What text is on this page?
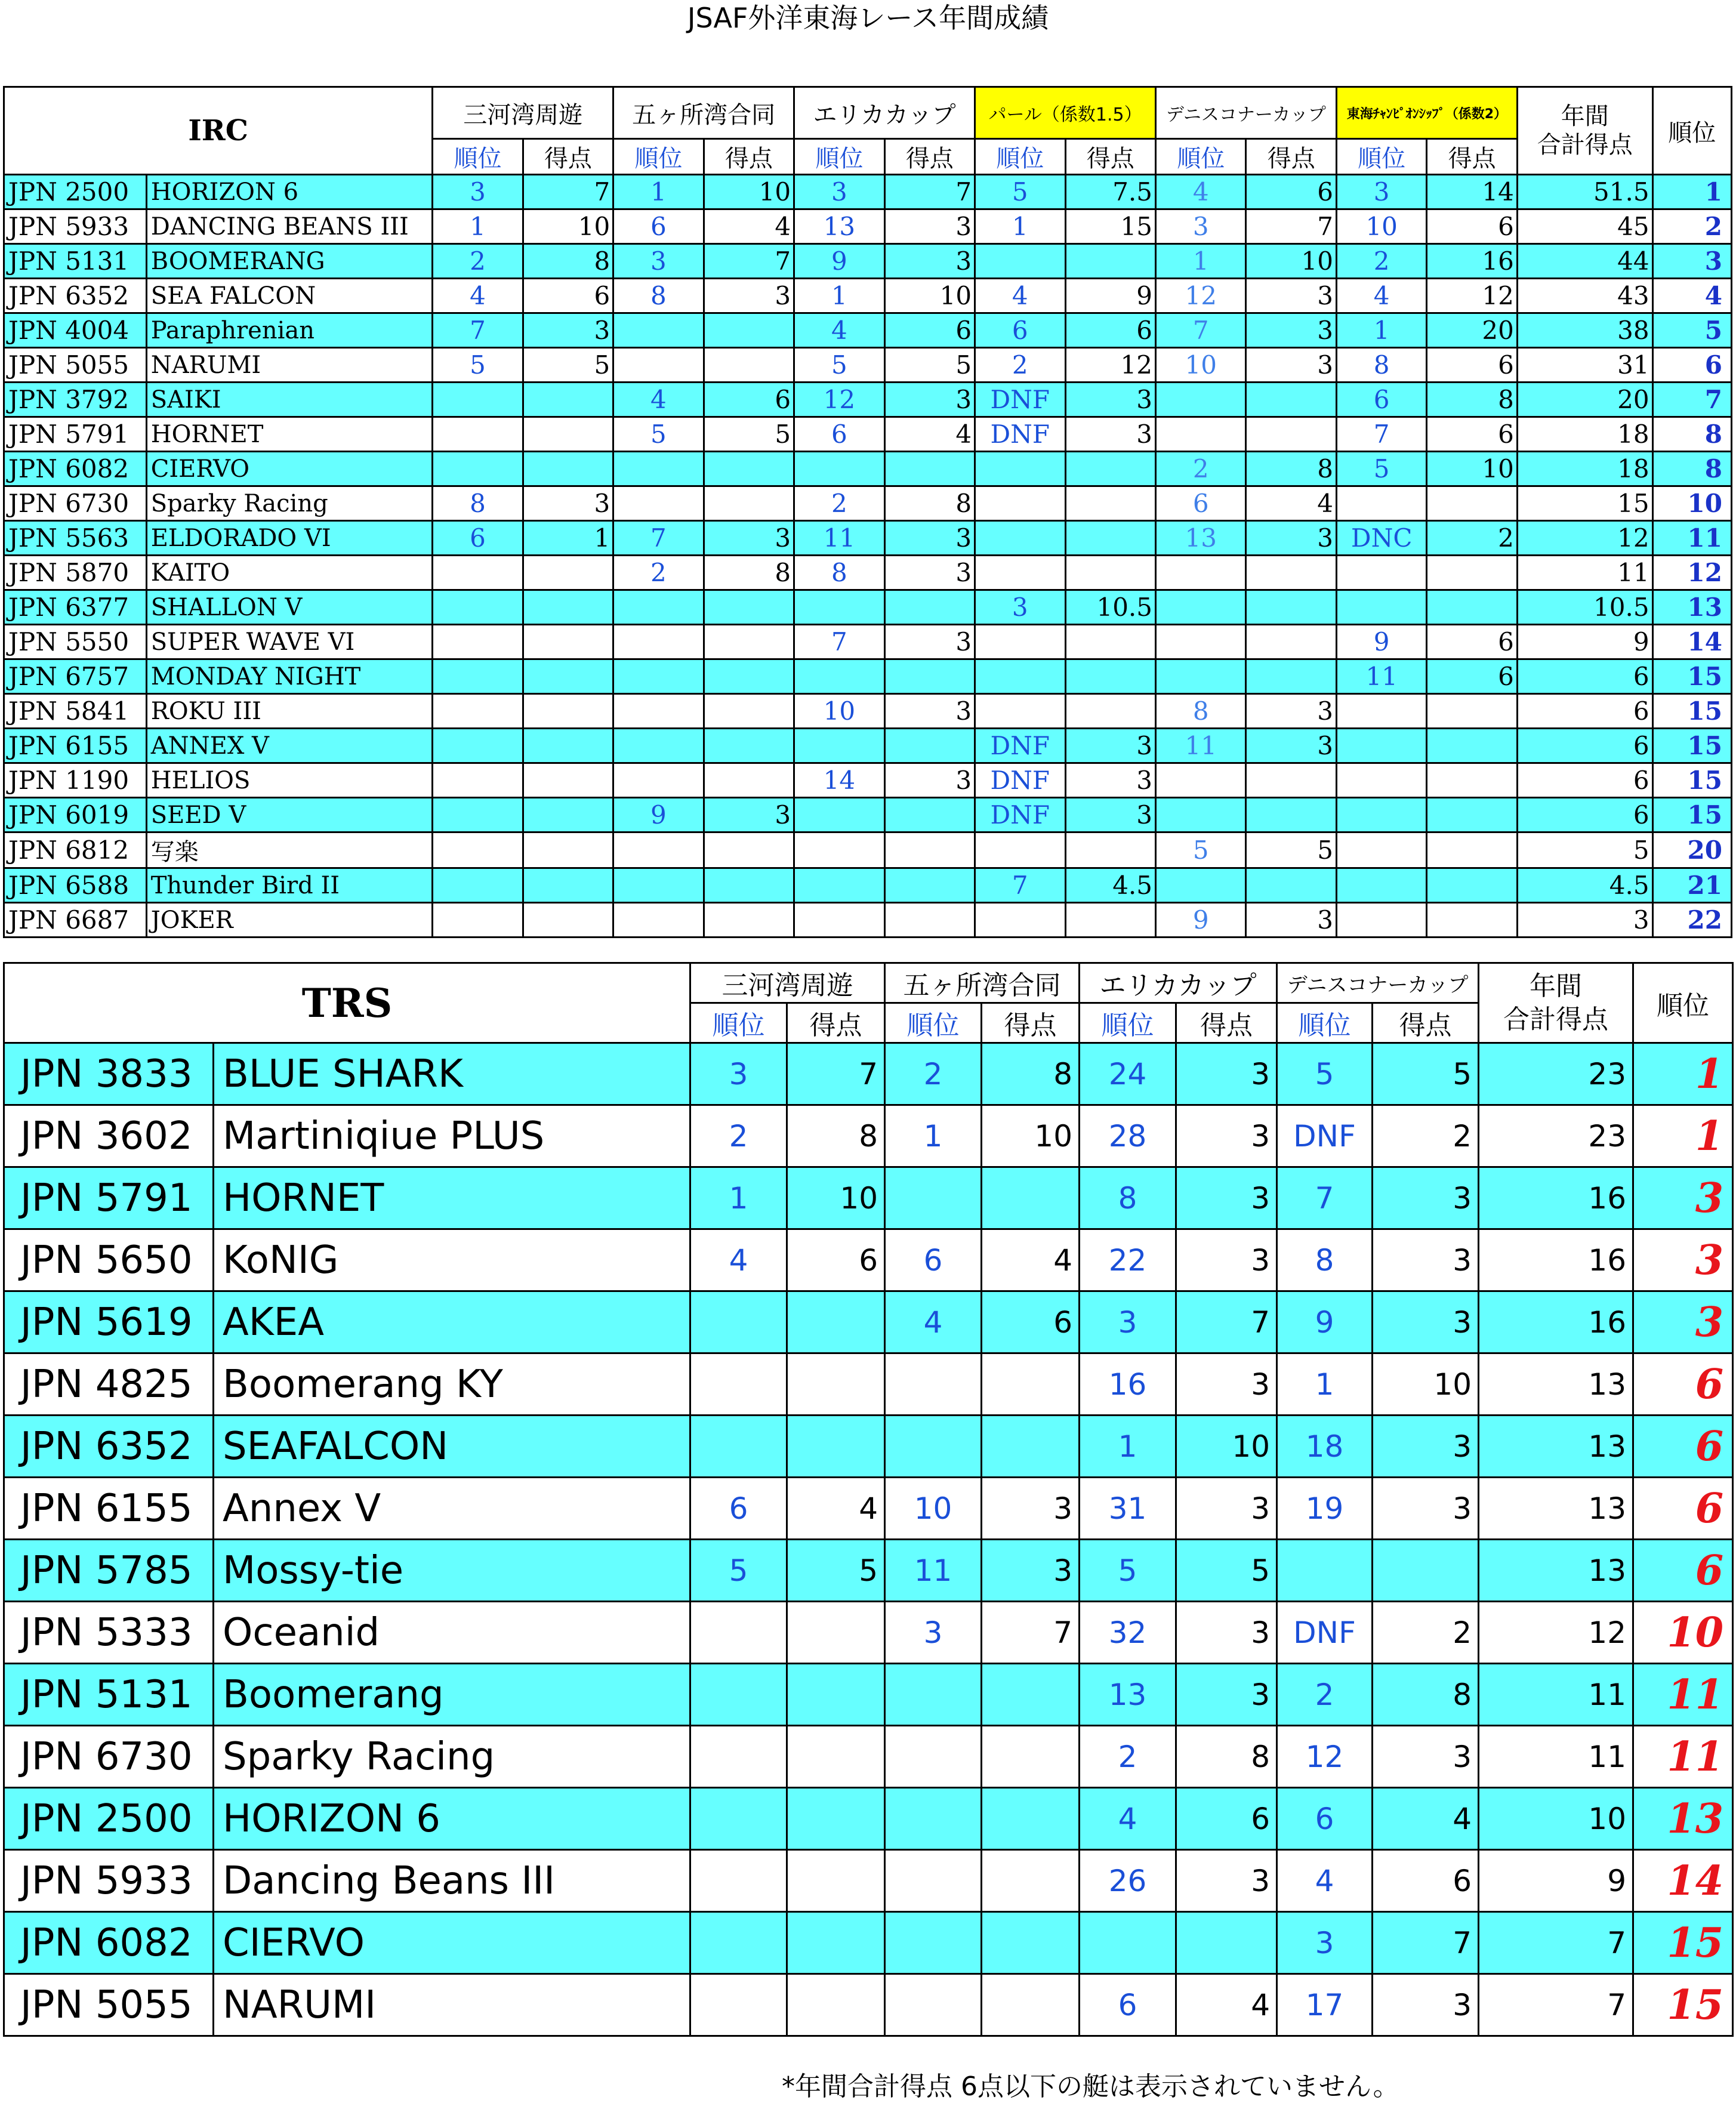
JSAF外洋東海レース年間成績
IRC		三河湾周遊		五ヶ所湾合同		エリカカップ		パール（係数1.5）		デニスコナーカップ		東海ﾁｬﾝﾋﾟｵﾝｼｯﾌﾟ（係数2）		年間
合計得点	順位
		順位	得点	順位	得点	順位	得点	順位	得点	順位	得点	順位	得点		
JPN 2500	HORIZON 6	3	7	1	10	3	7	5	7.5	4	6	3	14	51.5	1
JPN 5933	DANCING BEANS III	1	10	6	4	13	3	1	15	3	7	10	6	45	2
JPN 5131	BOOMERANG	2	8	3	7	9	3			1	10	2	16	44	3
JPN 6352	SEA FALCON	4	6	8	3	1	10	4	9	12	3	4	12	43	4
JPN 4004	Paraphrenian	7	3			4	6	6	6	7	3	1	20	38	5
JPN 5055	NARUMI	5	5			5	5	2	12	10	3	8	6	31	6
JPN 3792	SAIKI			4	6	12	3	DNF	3			6	8	20	7
JPN 5791	HORNET			5	5	6	4	DNF	3			7	6	18	8
JPN 6082	CIERVO									2	8	5	10	18	8
JPN 6730	Sparky Racing	8	3			2	8			6	4			15	10
JPN 5563	ELDORADO VI	6	1	7	3	11	3			13	3	DNC	2	12	11
JPN 5870	KAITO			2	8	8	3							11	12
JPN 6377	SHALLON V							3	10.5					10.5	13
JPN 5550	SUPER WAVE VI					7	3					9	6	9	14
JPN 6757	MONDAY NIGHT											11	6	6	15
JPN 5841	ROKU III					10	3			8	3			6	15
JPN 6155	ANNEX V							DNF	3	11	3			6	15
JPN 1190	HELIOS					14	3	DNF	3					6	15
JPN 6019	SEED V			9	3			DNF	3					6	15
JPN 6812	写楽									5	5			5	20
JPN 6588	Thunder Bird II							7	4.5					4.5	21
JPN 6687	JOKER									9	3			3	22
TRS		三河湾周遊		五ヶ所湾合同		エリカカップ		デニスコナーカップ		年間
合計得点	順位
		順位	得点	順位	得点	順位	得点	順位	得点		
JPN 3833	BLUE SHARK	3	7	2	8	24	3	5	5	23	1
JPN 3602	Martiniqiue PLUS	2	8	1	10	28	3	DNF	2	23	1
JPN 5791	HORNET	1	10			8	3	7	3	16	3
JPN 5650	KoNIG	4	6	6	4	22	3	8	3	16	3
JPN 5619	AKEA			4	6	3	7	9	3	16	3
JPN 4825	Boomerang KY					16	3	1	10	13	6
JPN 6352	SEAFALCON					1	10	18	3	13	6
JPN 6155	Annex V	6	4	10	3	31	3	19	3	13	6
JPN 5785	Mossy-tie	5	5	11	3	5	5			13	6
JPN 5333	Oceanid			3	7	32	3	DNF	2	12	10
JPN 5131	Boomerang					13	3	2	8	11	11
JPN 6730	Sparky Racing					2	8	12	3	11	11
JPN 2500	HORIZON 6					4	6	6	4	10	13
JPN 5933	Dancing Beans III					26	3	4	6	9	14
JPN 6082	CIERVO							3	7	7	15
JPN 5055	NARUMI					6	4	17	3	7	15
*年間合計得点 6点以下の艇は表示されていません。
